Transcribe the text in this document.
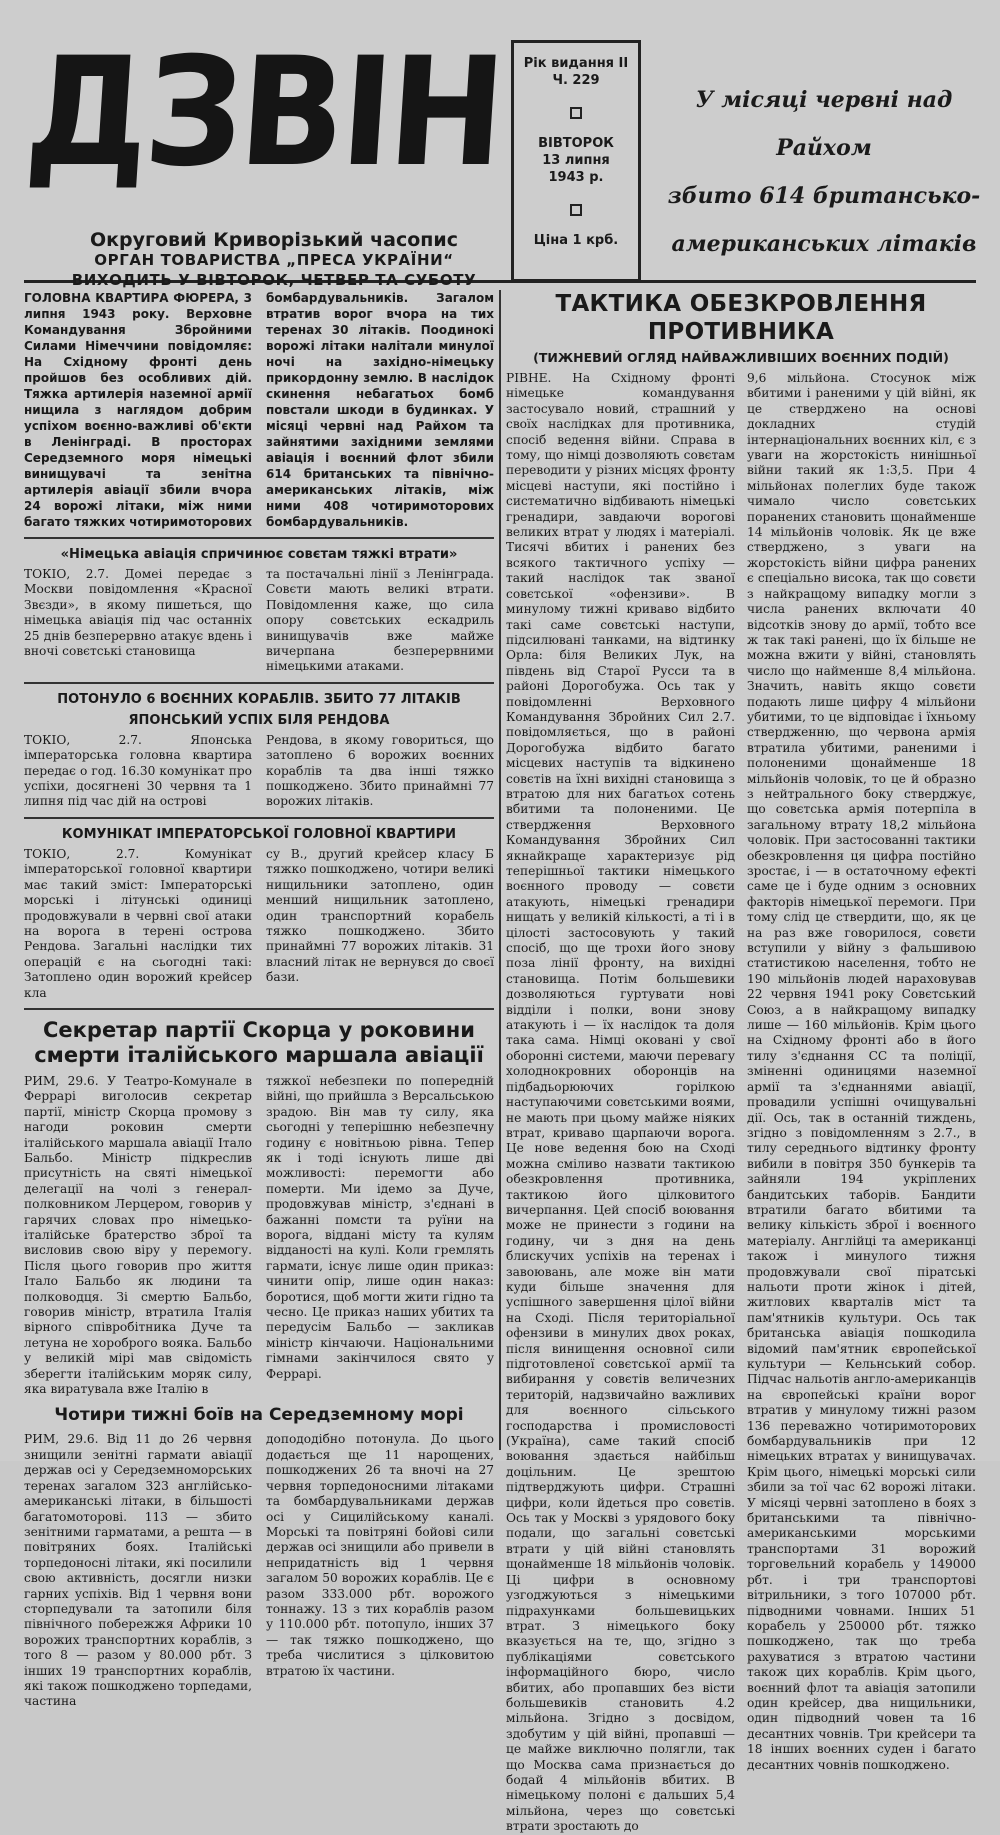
ДЗВІН
Округовий Криворізький часопис
ОРГАН ТОВАРИСТВА „ПРЕСА УКРАЇНИ“
ВИХОДИТЬ У ВІВТОРОК, ЧЕТВЕР ТА СУБОТУ
Рік видання II
Ч. 229
ВІВТОРОК
13 липня
1943 р.
Ціна 1 крб.
У місяці червні над Райхом
збито 614 британсько-
американських літаків

ГОЛОВНА КВАРТИРА ФЮРЕРА, 3 липня 1943 року. Верховне Командування Збройними Силами Німеччини повідомляє: На Східному фронті день пройшов без особливих дій. Тяжка артилерія наземної армії нищила з наглядом добрим успіхом воєнно-важливі об'єкти в Ленінграді. В просторах Середземного моря німецькі винищувачі та зенітна артилерія авіації збили вчора 24 ворожі літаки, між ними багато тяжких чотиримоторових

бомбардувальників. Загалом втратив ворог вчора на тих теренах 30 літаків. Поодинокі ворожі літаки налітали минулої ночі на західно-німецьку прикордонну землю. В наслідок скинення небагатьох бомб повстали шкоди в будинках. У місяці червні над Райхом та зайнятими західними землями авіація і воєнний флот збили 614 британських та північно-американських літаків, між ними 408 чотиримоторових бомбардувальників.

«Німецька авіація спричинює совєтам тяжкі втрати»

ТОКІО, 2.7. Домеі передає з Москви повідомлення «Красної Звєзди», в якому пишеться, що німецька авіація під час останніх 25 днів безперервно атакує вдень і вночі совєтські становища

та постачальні лінії з Ленінграда. Совєти мають великі втрати. Повідомлення каже, що сила опору совєтських ескадриль винищувачів вже майже вичерпана безперервними німецькими атаками.

ПОТОНУЛО 6 ВОЄННИХ КОРАБЛІВ. ЗБИТО 77 ЛІТАКІВ
ЯПОНСЬКИЙ УСПІХ БІЛЯ РЕНДОВА

ТОКІО, 2.7. Японська імператорська головна квартира передає о год. 16.30 комунікат про успіхи, досягнені 30 червня та 1 липня під час дій на острові

Рендова, в якому говориться, що затоплено 6 ворожих воєнних кораблів та два інші тяжко пошкоджено. Збито принаймні 77 ворожих літаків.

КОМУНІКАТ ІМПЕРАТОРСЬКОЇ ГОЛОВНОЇ КВАРТИРИ

ТОКІО, 2.7. Комунікат імператорської головної квартири має такий зміст: Імператорські морські і літунські одиниці продовжували в червні свої атаки на ворога в терені острова Рендова. Загальні наслідки тих операцій є на сьогодні такі: Затоплено один ворожий крейсер кла

су В., другий крейсер класу Б тяжко пошкоджено, чотири великі нищильники затоплено, один менший нищильник затоплено, один транспортний корабель тяжко пошкоджено. Збито принаймні 77 ворожих літаків. 31 власний літак не вернувся до своєї бази.

Секретар партії Скорца у роковини смерти італійського маршала авіації

РИМ, 29.6. У Театро-Комунале в Феррарі виголосив секретар партії, міністр Скорца промову з нагоди роковин смерти італійського маршала авіації Італо Бальбо. Міністр підкреслив присутність на святі німецької делегації на чолі з генерал-полковником Лерцером, говорив у гарячих словах про німецько-італійське братерство зброї та висловив свою віру у перемогу. Після цього говорив про життя Італо Бальбо як людини та полководця. Зі смертю Бальбо, говорив міністр, втратила Італія вірного співробітника Дуче та летуна не хороброго вояка. Бальбо у великій мірі мав свідомість зберегти італійським моряк силу, яка виратувала вже Італію в

тяжкої небезпеки по попередній війні, що прийшла з Версальською зрадою. Він мав ту силу, яка сьогодні у теперішню небезпечну годину є новітньою рівна. Тепер як і тоді існують лише дві можливості: перемогти або померти. Ми ідемо за Дуче, продовжував міністр, з'єднані в бажанні помсти та руїни на ворога, віддані місту та кулям відданості на кулі. Коли гремлять гармати, існує лише один приказ: чинити опір, лише один наказ: боротися, щоб могти жити гідно та чесно. Це приказ наших убитих та передусім Бальбо — закликав міністр кінчаючи. Національними гімнами закінчилося свято у Феррарі.

Чотири тижні боїв на Середземному морі

РИМ, 29.6. Від 11 до 26 червня знищили зенітні гармати авіації держав осі у Середземноморських теренах загалом 323 англійсько-американські літаки, в більшості багатомоторові. 113 — збито зенітними гарматами, а решта — в повітряних боях. Італійські торпедоносні літаки, які посилили свою активність, досягли низки гарних успіхів. Від 1 червня вони сторпедували та затопили біля північного побережжя Африки 10 ворожих транспортних кораблів, з того 8 — разом у 80.000 рбт. З інших 19 транспортних кораблів, які також пошкоджено торпедами, частина

допододібно потонула. До цього додається ще 11 нарощених, пошкоджених 26 та вночі на 27 червня торпедоносними літаками та бомбардувальниками держав осі у Сицилійському каналі. Морські та повітряні бойові сили держав осі знищили або привели в непридатність від 1 червня загалом 50 ворожих кораблів. Це є разом 333.000 рбт. ворожого тоннажу. 13 з тих кораблів разом у 110.000 рбт. потопуло, інших 37 — так тяжко пошкоджено, що треба числитися з цілковитою втратою їх частини.

ТАКТИКА ОБЕЗКРОВЛЕННЯ ПРОТИВНИКА
(ТИЖНЕВИЙ ОГЛЯД НАЙВАЖЛИВІШИХ ВОЄННИХ ПОДІЙ)

РІВНЕ. На Східному фронті німецьке командування застосувало новий, страшний у своїх наслідках для противника, спосіб ведення війни. Справа в тому, що німці дозволяють совєтам переводити у різних місцях фронту місцеві наступи, які постійно і систематично відбивають німецькі гренадири, завдаючи ворогові великих втрат у людях і матеріалі. Тисячі вбитих і ранених без всякого тактичного успіху — такий наслідок так званої совєтської «офензиви». В минулому тижні криваво відбито такі саме совєтські наступи, підсилювані танками, на відтинку Орла: біля Великих Лук, на південь від Старої Русси та в районі Дорогобужа. Ось так у повідомленні Верховного Командування Збройних Сил 2.7. повідомляється, що в районі Дорогобужа відбито багато місцевих наступів та відкинено совєтів на їхні вихідні становища з втратою для них багатьох сотень вбитими та полоненими. Це ствердження Верховного Командування Збройних Сил якнайкраще характеризує рід теперішньої тактики німецького воєнного проводу — совєти атакують, німецькі гренадири нищать у великій кількості, а ті і в цілості застосовують у такий спосіб, що ще трохи його знову поза лінії фронту, на вихідні становища. Потім большевики дозволяються гуртувати нові відділи і полки, вони знову атакують і — їх наслідок та доля така сама. Німці оковані у свої оборонні системи, маючи перевагу холоднокровних оборонців на підбадьорюючих горілкою наступаючими совєтськими воями, не мають при цьому майже ніяких втрат, криваво щарпаючи ворога. Це нове ведення бою на Сході можна сміливо назвати тактикою обезкровлення противника, тактикою його цілковитого вичерпання. Цей спосіб воювання може не принести з години на годину, чи з дня на день блискучих успіхів на теренах і завоювань, але може він мати куди більше значення для успішного завершення цілої війни на Сході. Після територіальної офензиви в минулих двох роках, після винищення основної сили підготовленої совєтської армії та вибирання у совєтів величезних територій, надзвичайно важливих для воєнного сільського господарства і промисловості (Україна), саме такий спосіб воювання здається найбільш доцільним. Це зрештою підтверджують цифри. Страшні цифри, коли йдеться про совєтів. Ось так у Москві з урядового боку подали, що загальні совєтські втрати у цій війні становлять щонайменше 18 мільйонів чоловік. Ці цифри в основному узгоджуються з німецькими підрахунками большевицьких втрат. З німецького боку вказується на те, що, згідно з публікаціями совєтського інформаційного бюро, число вбитих, або пропавших без вісти большевиків становить 4.2 мільйона. Згідно з досвідом, здобутим у цій війні, пропавші — це майже виключно полягли, так що Москва сама признається до бодай 4 мільйонів вбитих. В німецькому полоні є дальших 5,4 мільйона, через що совєтські втрати зростають до

9,6 мільйона. Стосунок між вбитими і раненими у цій війні, як це стверджено на основі докладних студій інтернаціональних воєнних кіл, є з уваги на жорстокість нинішньої війни такий як 1:3,5. При 4 мільйонах полеглих буде також чимало число совєтських поранених становить щонайменше 14 мільйонів чоловік. Як це вже стверджено, з уваги на жорстокість війни цифра ранених є спеціально висока, так що совєти з найкращому випадку могли з числа ранених включати 40 відсотків знову до армії, тобто все ж так такі ранені, що їх більше не можна вжити у війні, становлять число що найменше 8,4 мільйона. Значить, навіть якщо совєти подають лише цифру 4 мільйони убитими, то це відповідає і їхньому ствердженню, що червона армія втратила убитими, раненими і полоненими щонайменше 18 мільйонів чоловік, то це й образно з нейтрального боку стверджує, що совєтська армія потерпіла в загальному втрату 18,2 мільйона чоловік. При застосованні тактики обезкровлення ця цифра постійно зростає, і — в остаточному ефекті саме це і буде одним з основних факторів німецької перемоги. При тому слід це ствердити, що, як це на раз вже говорилося, совєти вступили у війну з фальшивою статистикою населення, тобто не 190 мільйонів людей нараховував 22 червня 1941 року Совєтський Союз, а в найкращому випадку лише — 160 мільйонів. Крім цього на Східному фронті або в його тилу з'єднання СС та поліції, зміненні одиницями наземної армії та з'єднаннями авіації, провадили успішні очищувальні дії. Ось, так в останній тиждень, згідно з повідомленням з 2.7., в тилу середнього відтинку фронту вибили в повітря 350 бункерів та зайняли 194 укріплених бандитських таборів. Бандити втратили багато вбитими та велику кількість зброї і воєнного матеріалу. Англійці та американці також і минулого тижня продовжували свої піратські нальоти проти жінок і дітей, житлових кварталів міст та пам'ятників культури. Ось так британська авіація пошкодила відомий пам'ятник європейської культури — Кельнський собор. Підчас нальотів англо-американців на європейські країни ворог втратив у минулому тижні разом 136 переважно чотиримоторових бомбардувальників при 12 німецьких втратах у винищувачах. Крім цього, німецькі морські сили збили за тої час 62 ворожі літаки. У місяці червні затоплено в боях з британськими та північно-американськими морськими транспортами 31 ворожий торговельний корабель у 149000 рбт. і три транспортові вітрильники, з того 107000 рбт. підводними човнами. Інших 51 корабель у 250000 рбт. тяжко пошкоджено, так що треба рахуватися з втратою частини також цих кораблів. Крім цього, воєнний флот та авіація затопили один крейсер, два нищильники, один підводний човен та 16 десантних човнів. Три крейсери та 18 інших воєнних суден і багато десантних човнів пошкоджено.
